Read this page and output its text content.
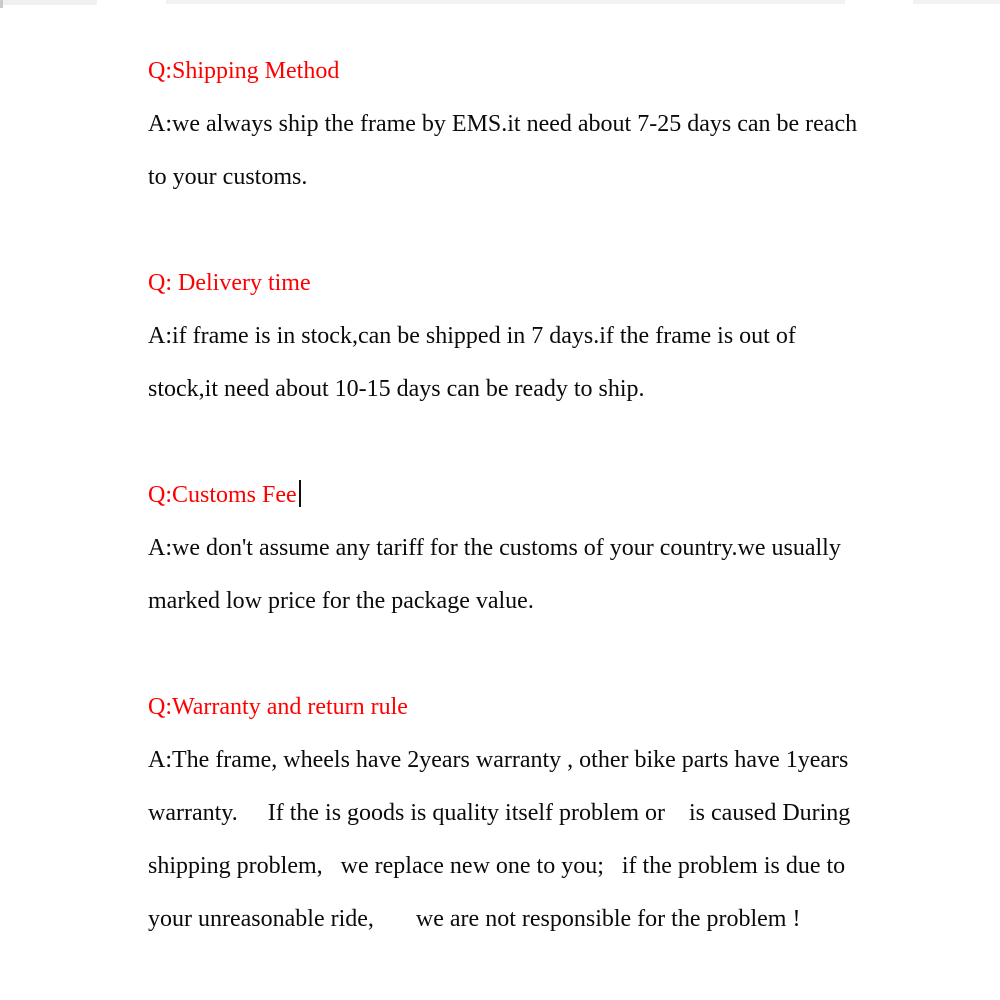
Q:Shipping Method
A:we always ship the frame by EMS.it need about 7-25 days can be reach
to your customs.
Q: Delivery time
A:if frame is in stock,can be shipped in 7 days.if the frame is out of
stock,it need about 10-15 days can be ready to ship.
Q:Customs Fee
A:we don't assume any tariff for the customs of your country.we usually
marked low price for the package value.
Q:Warranty and return rule
A:The frame, wheels have 2years warranty , other bike parts have 1years
warranty.     If the is goods is quality itself problem or    is caused During
shipping problem,   we replace new one to you;   if the problem is due to
your unreasonable ride,       we are not responsible for the problem !
